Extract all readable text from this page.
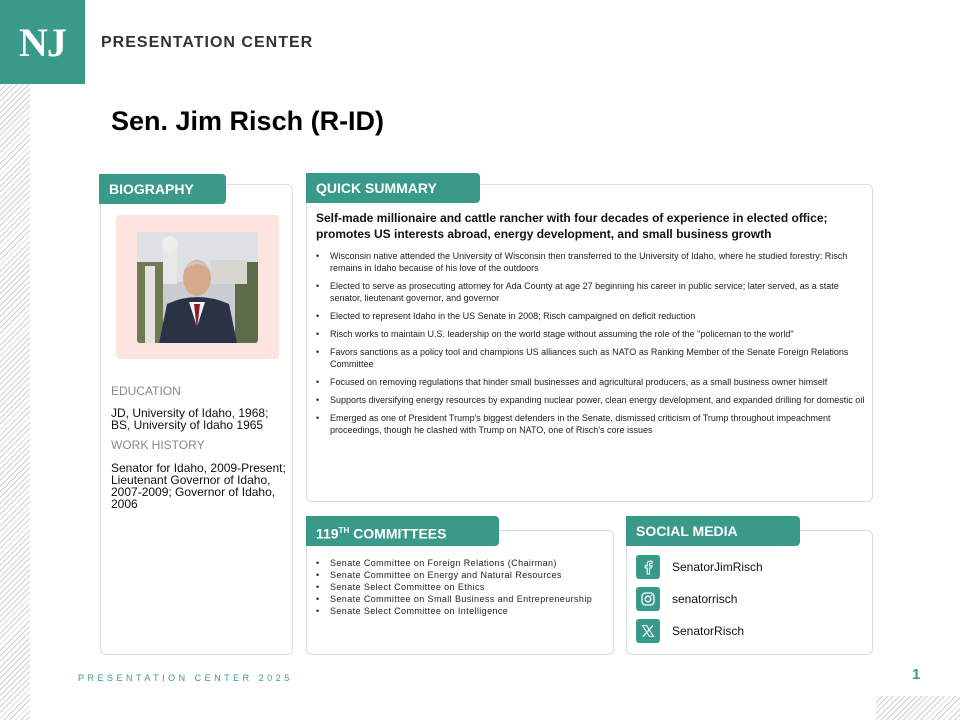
NJ PRESENTATION CENTER
Sen. Jim Risch (R-ID)
BIOGRAPHY
EDUCATION
JD, University of Idaho, 1968; BS, University of Idaho 1965
WORK HISTORY
Senator for Idaho, 2009-Present; Lieutenant Governor of Idaho, 2007-2009; Governor of Idaho, 2006
QUICK SUMMARY
Self-made millionaire and cattle rancher with four decades of experience in elected office; promotes US interests abroad, energy development, and small business growth
• Wisconsin native attended the University of Wisconsin then transferred to the University of Idaho, where he studied forestry; Risch remains in Idaho because of his love of the outdoors
• Elected to serve as prosecuting attorney for Ada County at age 27 beginning his career in public service; later served, as a state senator, lieutenant governor, and governor
• Elected to represent Idaho in the US Senate in 2008; Risch campaigned on deficit reduction
• Risch works to maintain U.S. leadership on the world stage without assuming the role of the "policeman to the world"
• Favors sanctions as a policy tool and champions US alliances such as NATO as Ranking Member of the Senate Foreign Relations Committee
• Focused on removing regulations that hinder small businesses and agricultural producers, as a small business owner himself
• Supports diversifying energy resources by expanding nuclear power, clean energy development, and expanded drilling for domestic oil
• Emerged as one of President Trump's biggest defenders in the Senate, dismissed criticism of Trump throughout impeachment proceedings, though he clashed with Trump on NATO, one of Risch's core issues
119TH COMMITTEES
• Senate Committee on Foreign Relations (Chairman)
• Senate Committee on Energy and Natural Resources
• Senate Select Committee on Ethics
• Senate Committee on Small Business and Entrepreneurship
• Senate Select Committee on Intelligence
SOCIAL MEDIA
SenatorJimRisch
senatorrisch
SenatorRisch
PRESENTATION CENTER 2025	1
